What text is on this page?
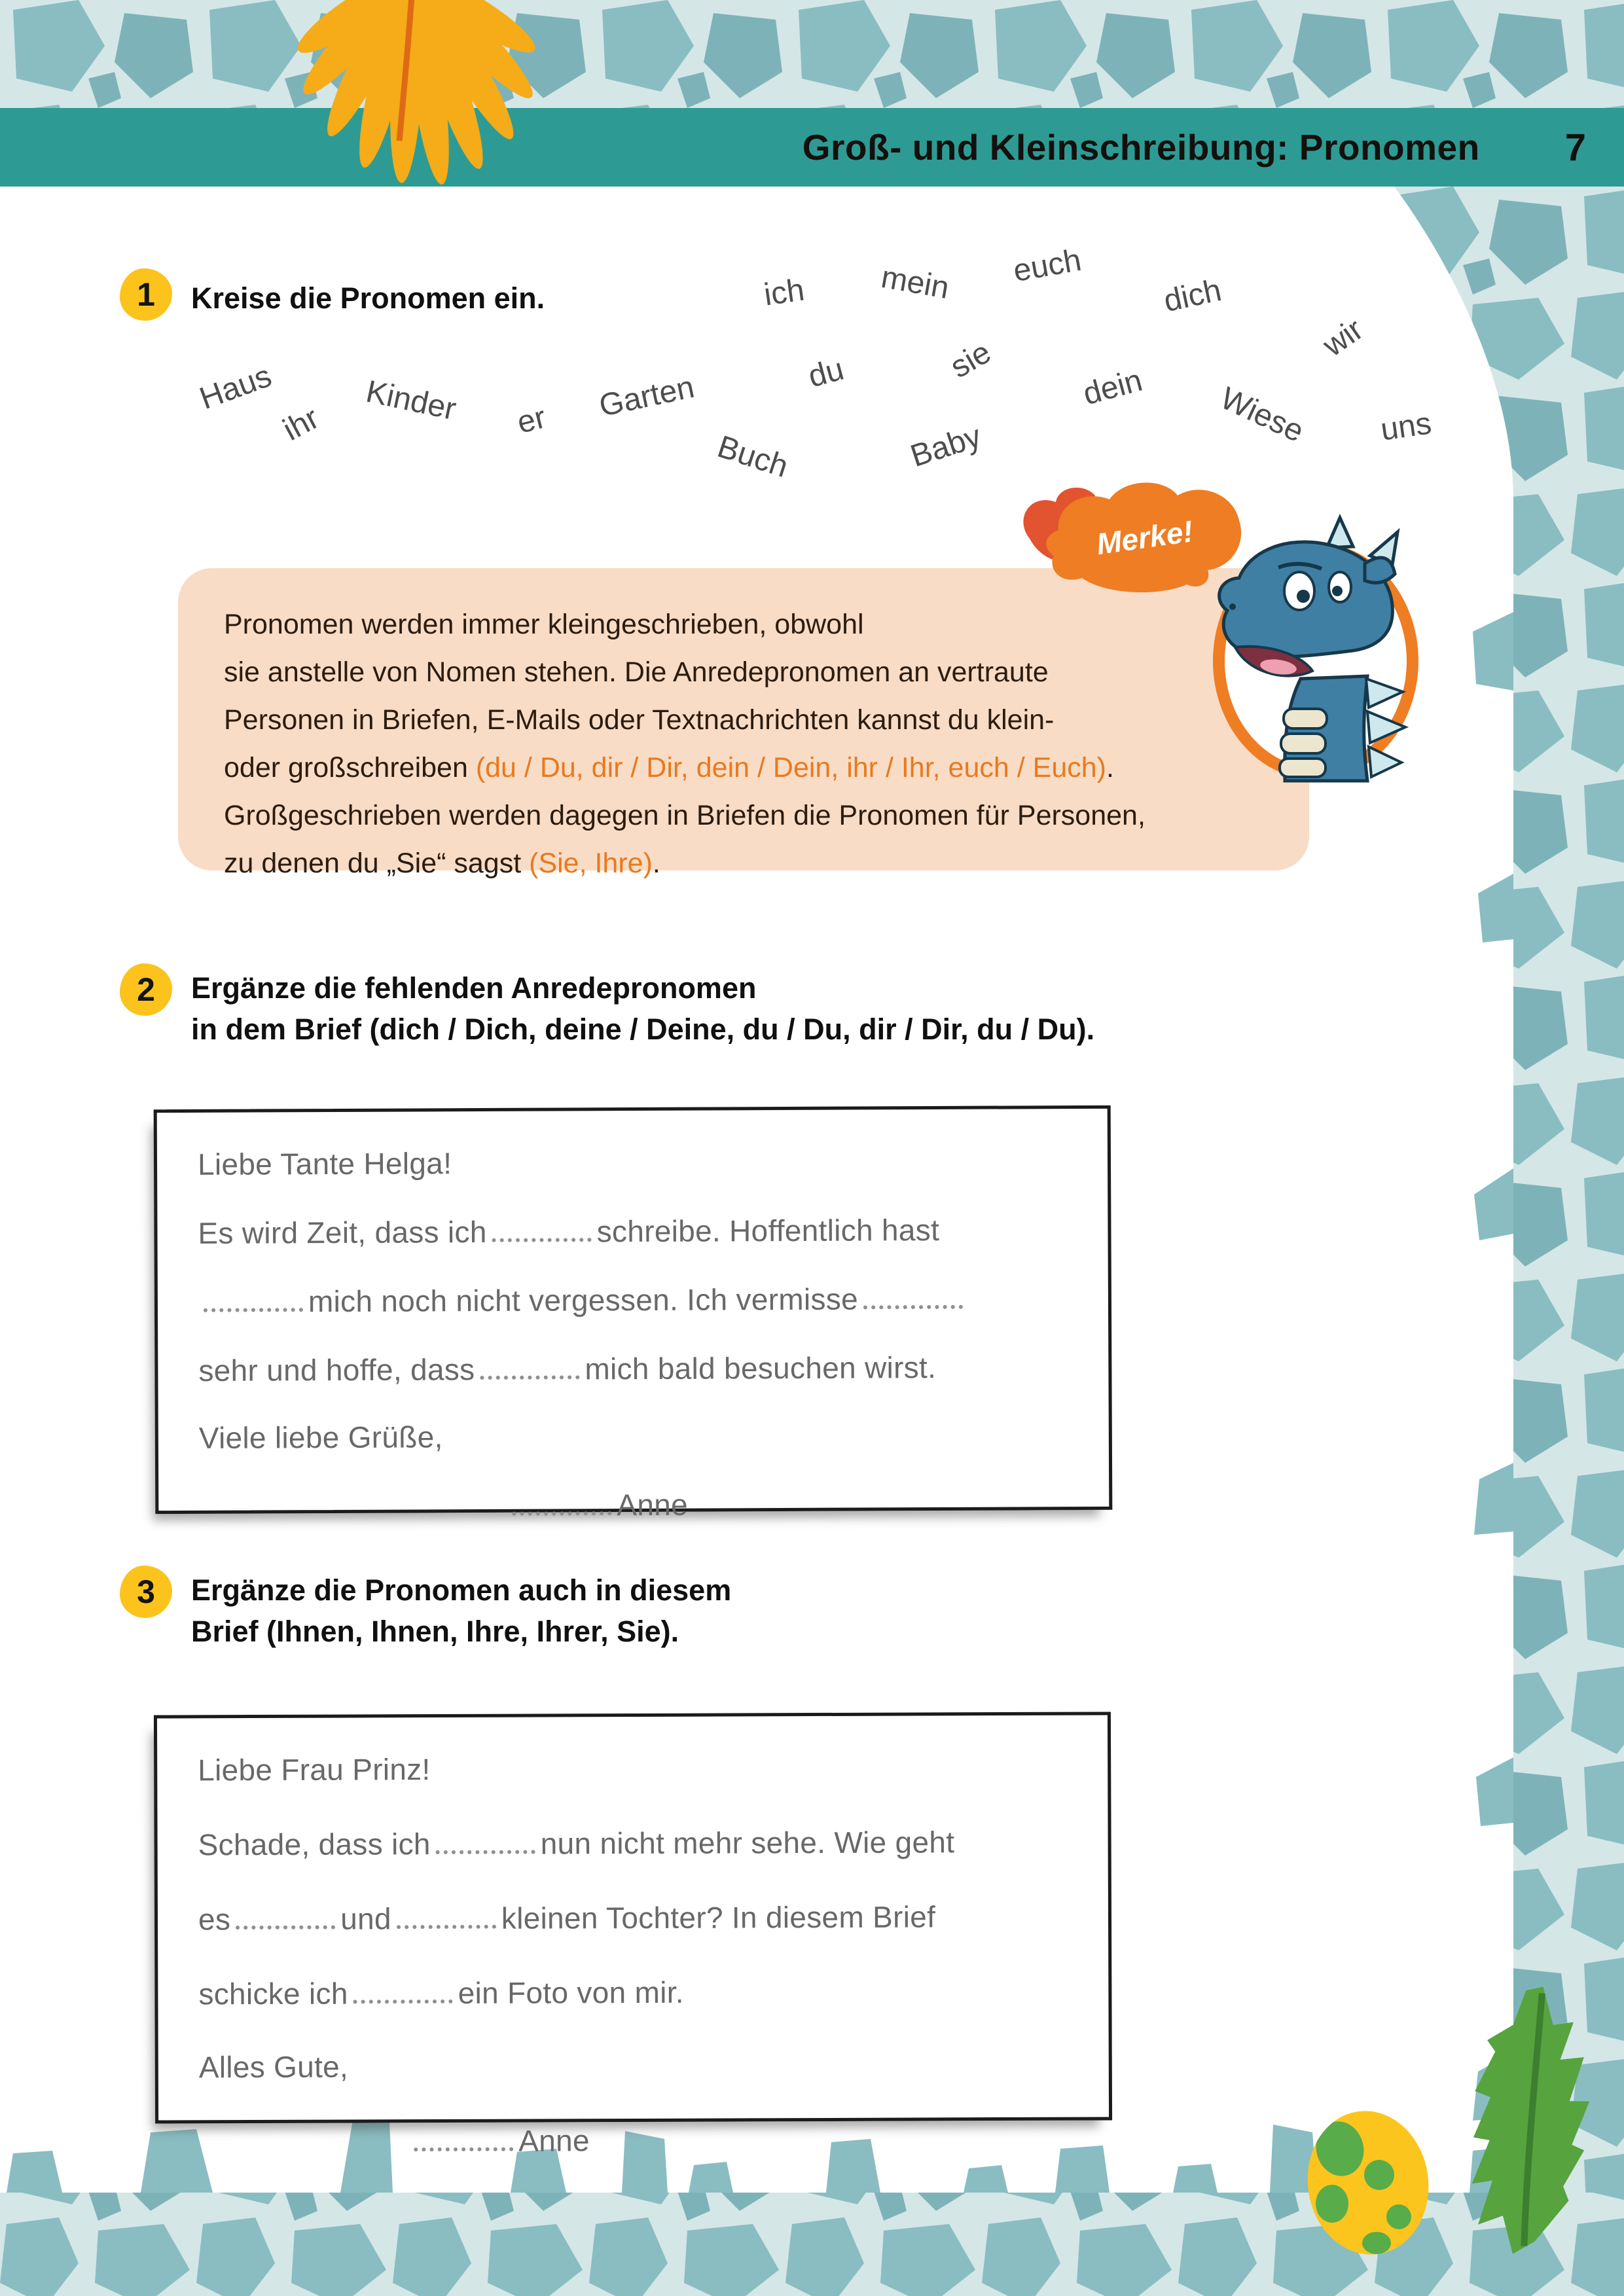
Groß- und Kleinschreibung: Pronomen 7
1 Kreise die Pronomen ein.	ich mein euch
dich
wir
Haus
ihr Kinder er Garten	du	sie
dein Wiese uns
Buch	Baby
Pronomen werden immer kleingeschrieben, obwohl
sie anstelle von Nomen stehen. Die Anredepronomen an vertraute
Personen in Briefen, E-Mails oder Textnachrichten kannst du klein-
oder großschreiben (du / Du, dir / Dir, dein / Dein, ihr / Ihr, euch / Euch).
Großgeschrieben werden dagegen in Briefen die Pronomen für Personen,
zu denen du „Sie“ sagst (Sie, Ihre).
Merke!
2 Ergänze die fehlenden Anredepronomen
in dem Brief (dich / Dich, deine / Deine, du / Du, dir / Dir, du / Du).
Liebe Tante Helga!
Es wird Zeit, dass ich	schreibe. Hoffentlich hast
mich noch nicht vergessen. Ich vermisse
sehr und hoffe, dass	mich bald besuchen wirst.
Viele liebe Grüße,
Anne
3 Ergänze die Pronomen auch in diesem
Brief (Ihnen, Ihnen, Ihre, Ihrer, Sie).
Liebe Frau Prinz!
Schade, dass ich	nun nicht mehr sehe. Wie geht
es	und	kleinen Tochter? In diesem Brief
schicke ich	ein Foto von mir.
Alles Gute,
Anne
